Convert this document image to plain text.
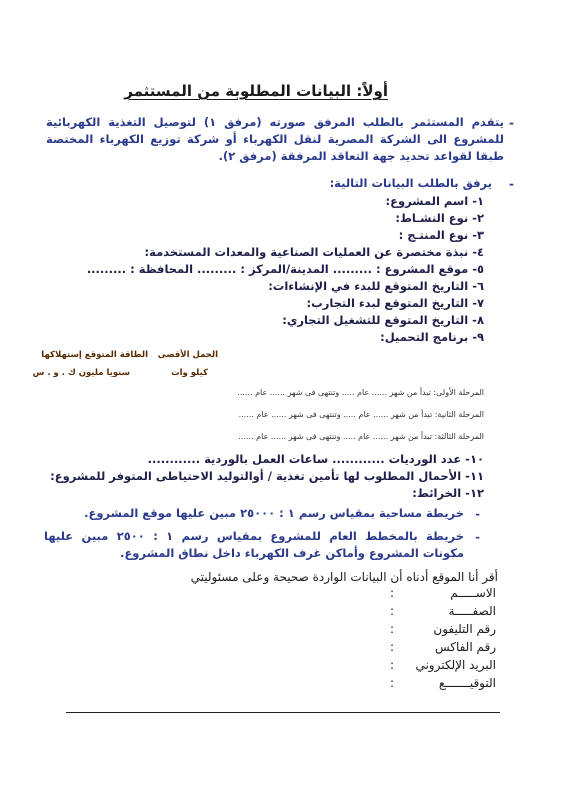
أولاً: البيانات المطلوبة من المستثمر
-
يتقدم المستثمر بالطلب المرفق صورته (مرفق ١) لتوصيل التغذية الكهربائية للمشروع الى الشركة المصرية لنقل الكهرباء أو شركة توزيع الكهرباء المختصة طبقا لقواعد تحديد جهة التعاقد المرفقة (مرفق ٢).
-
يرفق بالطلب البيانات التالية:
١- اسم المشروع:
٢- نوع النشـاط:
٣- نوع المنتـج :
٤- نبذة مختصرة عن العمليات الصناعية والمعدات المستخدمة:
٥- موقع المشروع : ......... المدينة/المركز : ......... المحافظة : .........
٦- التاريخ المتوقع للبدء في الإنشاءات:
٧- التاريخ المتوقع لبدء التجارب:
٨- التاريخ المتوقع للتشغيل التجاري:
٩- برنامج التحميل:
الحمل الأقصى
الطاقة المتوقع إستهلاكها
كيلو وات
سنويا مليون ك . و . س
المرحلة الأولى: تبدأ من شهر ...... عام ..... وتنتهى فى شهر ...... عام ......
المرحلة الثانية: تبدأ من شهر ...... عام ..... وتنتهى فى شهر ...... عام ......
المرحلة الثالثة: تبدأ من شهر ...... عام ..... وتنتهى فى شهر ...... عام ......
١٠- عدد الورديات ............ ساعات العمل بالوردية ............
١١- الأحمال المطلوب لها تأمين تغذية / أوالتوليد الاحتياطى المتوفر للمشروع:
١٢- الخرائط:
-
خريطة مساحية بمقياس رسم ١ : ٢٥٠٠٠ مبين عليها موقع المشروع.
-
خريطة بالمخطط العام للمشروع بمقياس رسم ١ : ٢٥٠٠ مبين عليها مكونات المشروع وأماكن غرف الكهرباء داخل نطاق المشروع.
أقر أنا الموقع أدناه أن البيانات الواردة صحيحة وعلى مسئوليتي
الاســـــم
:
الصفـــــة
:
رقم التليفون
:
رقم الفاكس
:
البريد الإلكتروني
:
التوقيـــــــع
:
